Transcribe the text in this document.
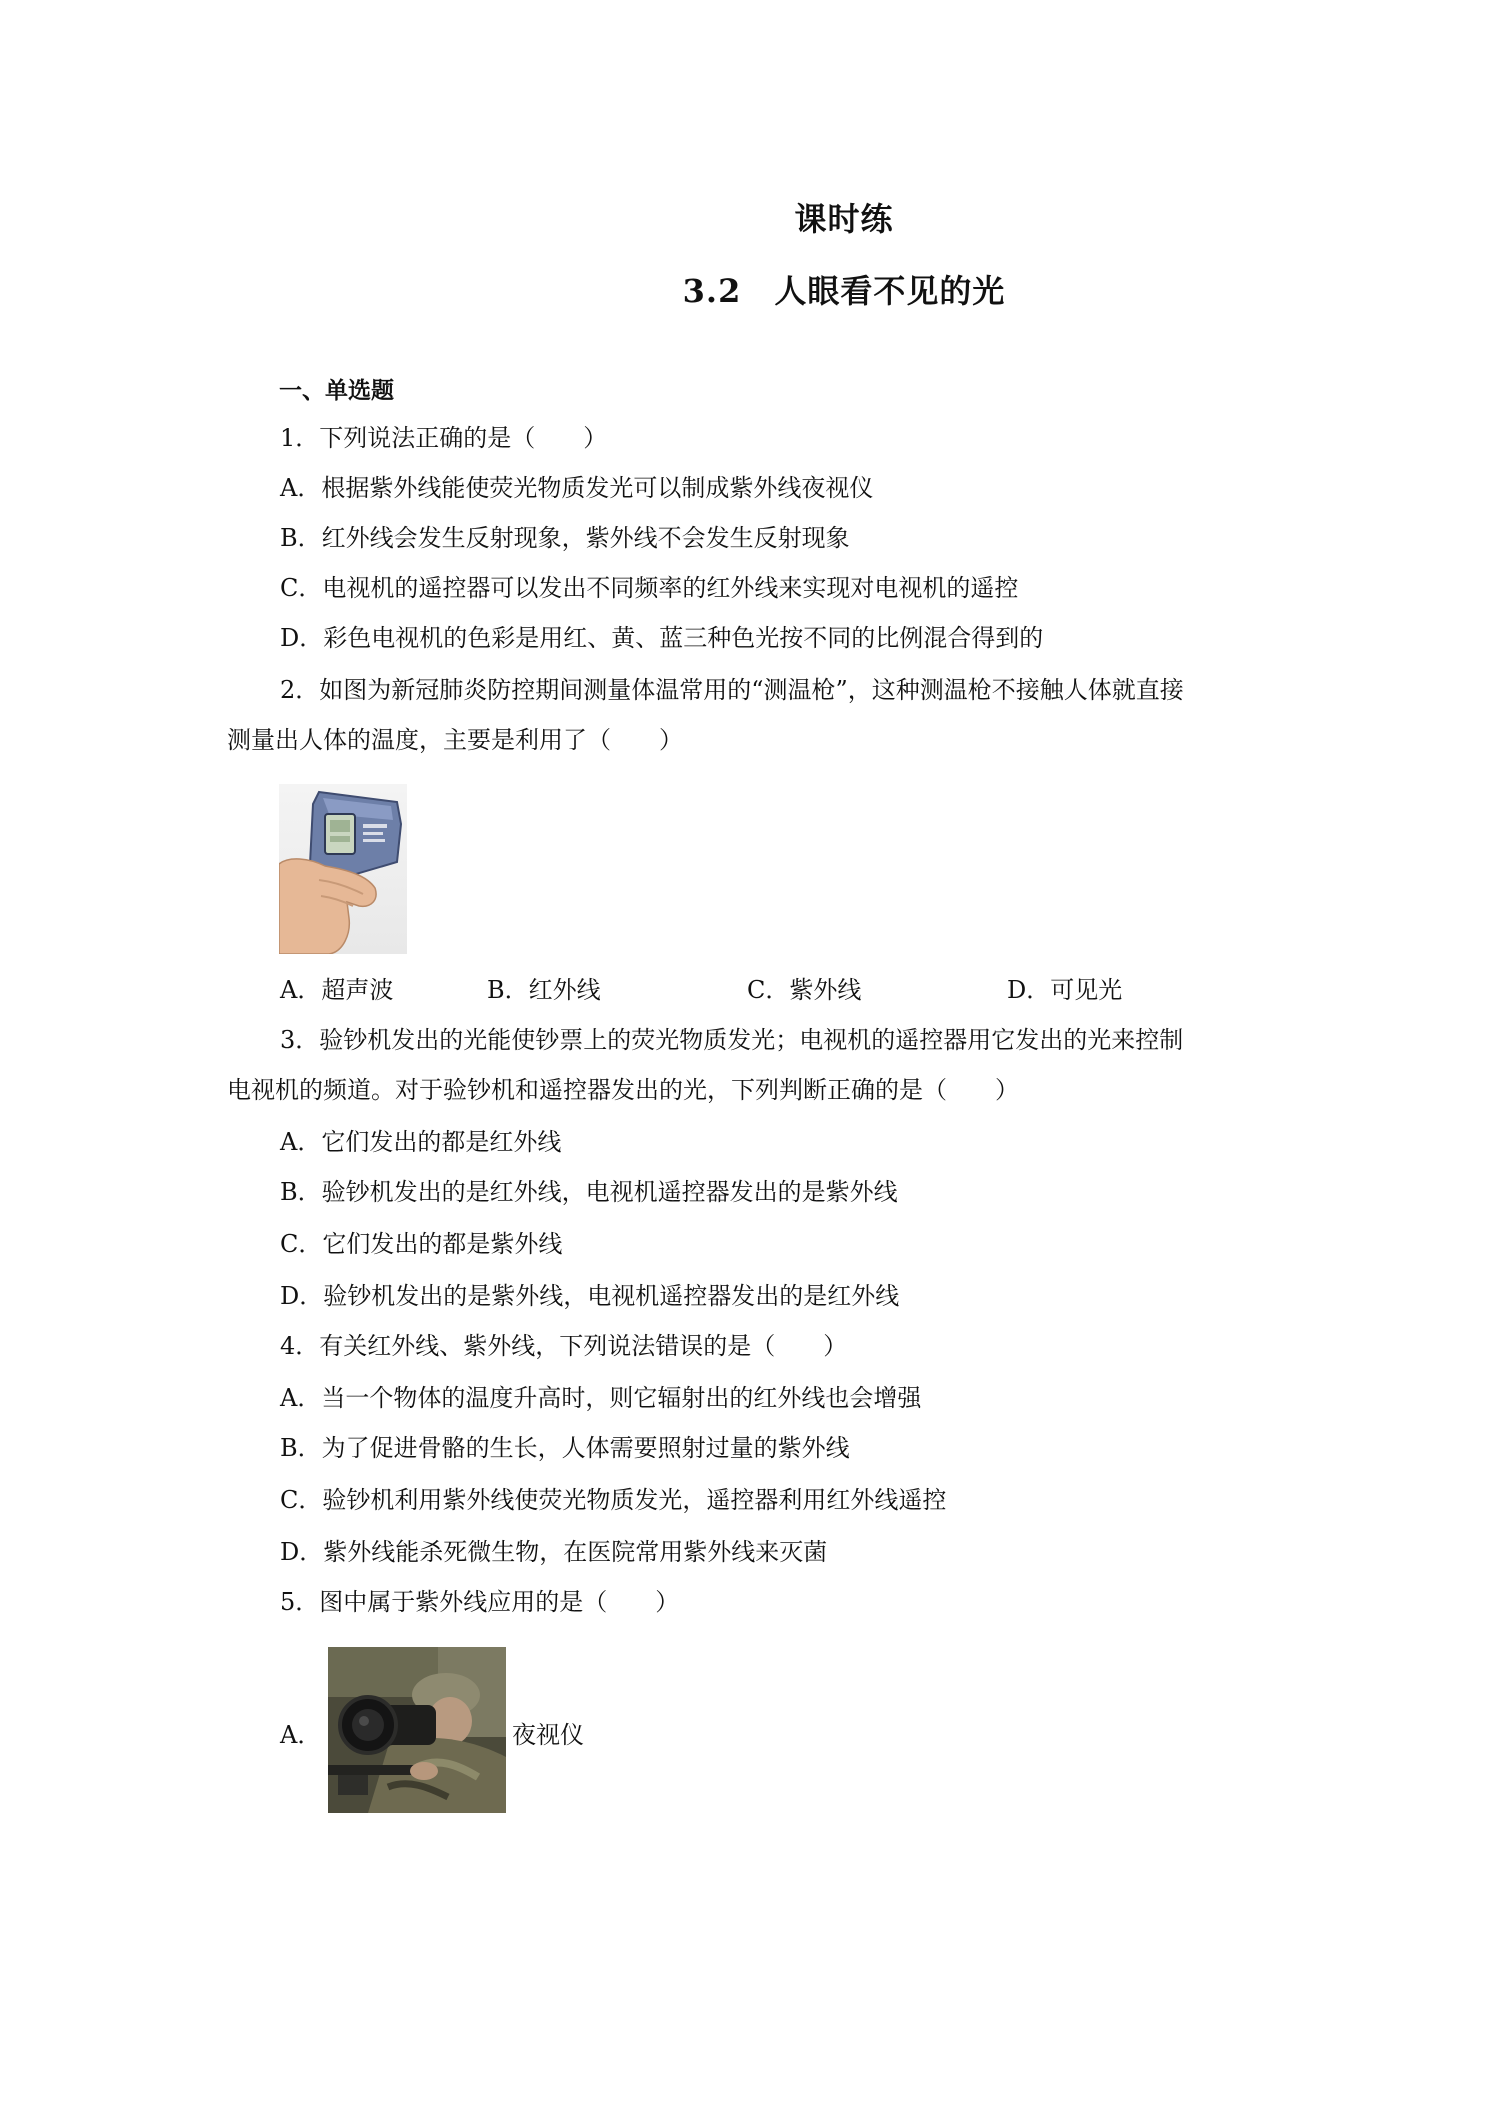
课时练
3.2　人眼看不见的光
一、单选题
1．下列说法正确的是（　　）
A．根据紫外线能使荧光物质发光可以制成紫外线夜视仪
B．红外线会发生反射现象，紫外线不会发生反射现象
C．电视机的遥控器可以发出不同频率的红外线来实现对电视机的遥控
D．彩色电视机的色彩是用红、黄、蓝三种色光按不同的比例混合得到的
2．如图为新冠肺炎防控期间测量体温常用的“测温枪”，这种测温枪不接触人体就直接
测量出人体的温度，主要是利用了（　　）
A．超声波	B．红外线	C．紫外线	D．可见光
3．验钞机发出的光能使钞票上的荧光物质发光；电视机的遥控器用它发出的光来控制
电视机的频道。对于验钞机和遥控器发出的光，下列判断正确的是（　　）
A．它们发出的都是红外线
B．验钞机发出的是红外线，电视机遥控器发出的是紫外线
C．它们发出的都是紫外线
D．验钞机发出的是紫外线，电视机遥控器发出的是红外线
4．有关红外线、紫外线，下列说法错误的是（　　）
A．当一个物体的温度升高时，则它辐射出的红外线也会增强
B．为了促进骨骼的生长，人体需要照射过量的紫外线
C．验钞机利用紫外线使荧光物质发光，遥控器利用红外线遥控
D．紫外线能杀死微生物，在医院常用紫外线来灭菌
5．图中属于紫外线应用的是（　　）
A．	夜视仪
